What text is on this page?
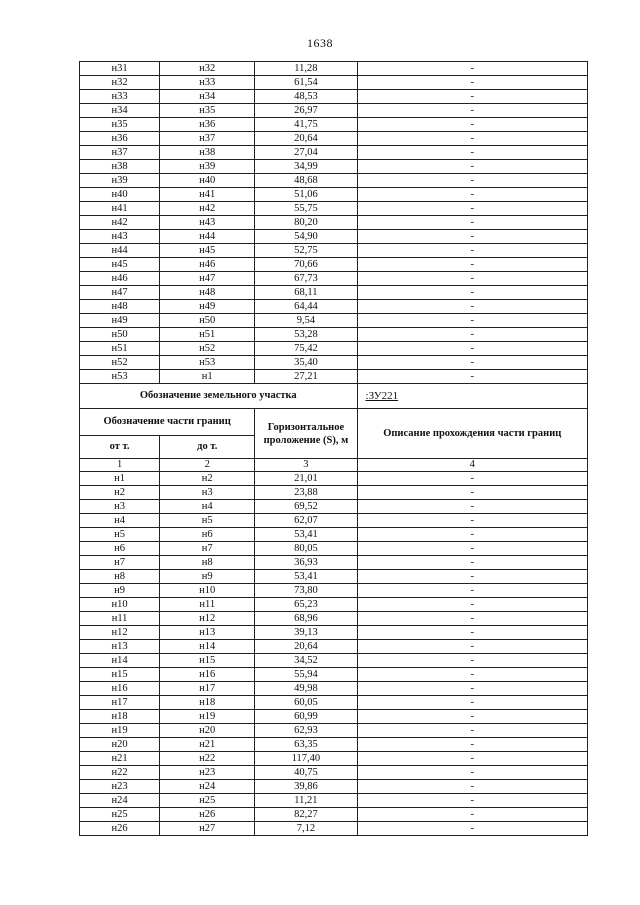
1638
н31	н32	11,28	-
н32	н33	61,54	-
н33	н34	48,53	-
н34	н35	26,97	-
н35	н36	41,75	-
н36	н37	20,64	-
н37	н38	27,04	-
н38	н39	34,99	-
н39	н40	48,68	-
н40	н41	51,06	-
н41	н42	55,75	-
н42	н43	80,20	-
н43	н44	54,90	-
н44	н45	52,75	-
н45	н46	70,66	-
н46	н47	67,73	-
н47	н48	68,11	-
н48	н49	64,44	-
н49	н50	9,54	-
н50	н51	53,28	-
н51	н52	75,42	-
н52	н53	35,40	-
н53	н1	27,21	-
Обозначение земельного участка			:ЗУ221
Обозначение части границ		Горизонтальное проложение (S), м	Описание прохождения части границ
от т.	до т.		
1	2	3	4
н1	н2	21,01	-
н2	н3	23,88	-
н3	н4	69,52	-
н4	н5	62,07	-
н5	н6	53,41	-
н6	н7	80,05	-
н7	н8	36,93	-
н8	н9	53,41	-
н9	н10	73,80	-
н10	н11	65,23	-
н11	н12	68,96	-
н12	н13	39,13	-
н13	н14	20,64	-
н14	н15	34,52	-
н15	н16	55,94	-
н16	н17	49,98	-
н17	н18	60,05	-
н18	н19	60,99	-
н19	н20	62,93	-
н20	н21	63,35	-
н21	н22	117,40	-
н22	н23	40,75	-
н23	н24	39,86	-
н24	н25	11,21	-
н25	н26	82,27	-
н26	н27	7,12	-
